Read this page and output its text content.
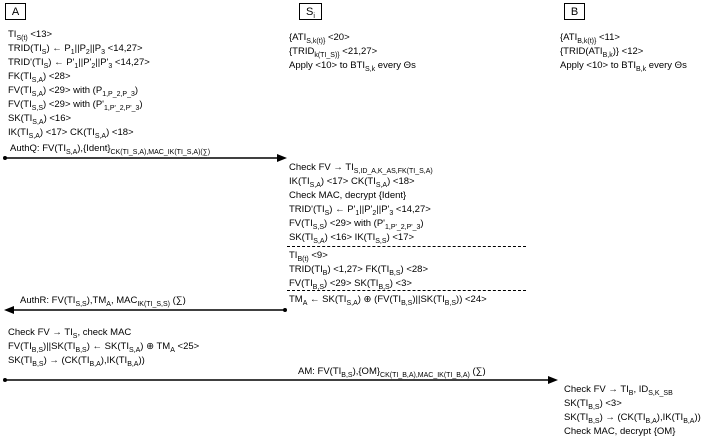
A	$S_i$	B
$TI_{S(t)} <13>$
$TRID(TI_S)$ ← $P_1||P_2||P_3 <14,27>$
$TRID'(TI_S)$ ← $P'_1||P'_2||P'_3 <14,27>$
$FK(TI_{S,A}) <28>$
$FV(TI_{S,A}) <29>$ with $(P_{1,P\_2,P\_3})$
$FV(TI_{S,S}) <29>$ with $(P'_{1,P'\_2,P'\_3})$
$SK(TI_{S,A}) <16>$
$IK(TI_{S,A}) <17> CK(TI_{S,A}) <18>$
{$ATI_{S,k(t)\}} <20>$
{$TRID_{k(TI\_S)\}} <21,27>$
Apply <10> to $BTI_{S,k}$ every Θs
{$ATI_{B,k(t)\}} <11>$
$\{TRID(ATI_{B,k})\} <12>$
Apply <10> to $BTI_{B,k}$ every Θs
AuthQ: $FV(TI_{S,A}),\{Ident\}_{CK(TI\_S,A),MAC\_IK(TI\_S,A)(\sum)}$
Check FV → $TI_{S,ID\_A,K\_AS,FK(TI\_S,A)}$
$IK(TI_{S,A}) <17> CK(TI_{S,A}) <18>$
Check MAC, decrypt {Ident}
$TRID'(TI_S)$ ← $P'_1||P'_2||P'_3 <14,27>$
$FV(TI_{S,S}) <29>$ with $(P'_{1,P'\_2,P'\_3})$
$SK(TI_{S,A}) <16> IK(TI_{S,S}) <17>$
$TI_{B(t)} <9>$
$TRID(TI_B) <1,27> FK(TI_{B,S}) <28>$
$FV(TI_{B,S}) <29> SK(TI_{B,S}) <3>$
$TM_A$ ← $SK(TI_{S,A})$ ⊕ $(FV(TI_{B,S})||SK(TI_{B,S})) <24>$
AuthR: $FV(TI_{S,S}),TM_A$, $MAC_{IK(TI\_S,S)}$ (∑)
Check FV → $TI_S$, check MAC
$FV(TI_{B,S})||SK(TI_{B,S})$ ← $SK(TI_{S,A})$ ⊕ $TM_A <25>$
$SK(TI_{B,S}) \to (CK(TI_{B,A}),IK(TI_{B,A}))$
AM: $FV(TI_{B,S}),\{OM\}_{CK(TI\_B,A),MAC\_IK(TI\_B,A)}$ (∑)
Check FV → $TI_B$, $ID_{S,K\_SB}$
$SK(TI_{B,S}) <3>$
$SK(TI_{B,S}) \to (CK(TI_{B,A}),IK(TI_{B,A}))$
Check MAC, decrypt {OM}
